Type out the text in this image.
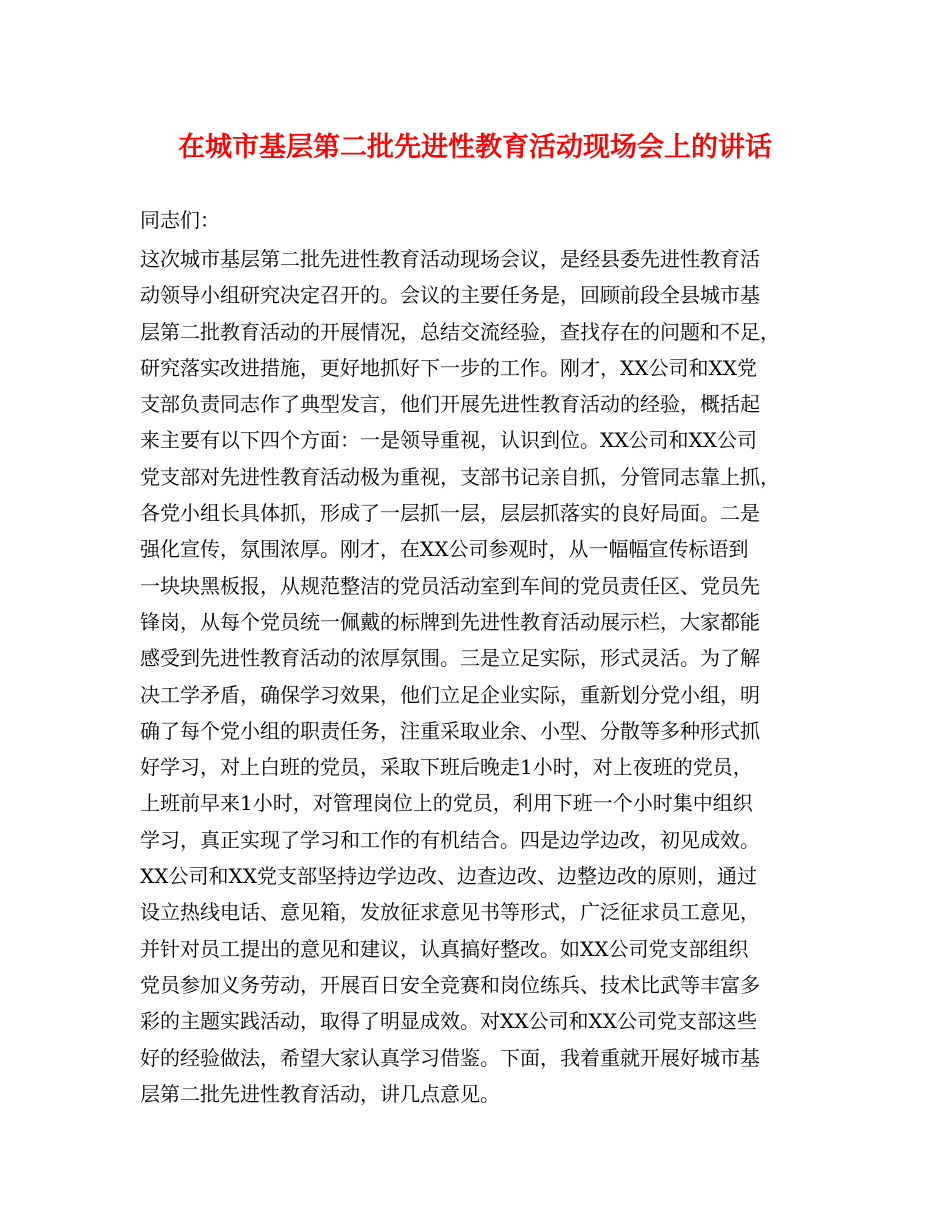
在城市基层第二批先进性教育活动现场会上的讲话

同志们：

这次城市基层第二批先进性教育活动现场会议，是经县委先进性教育活
动领导小组研究决定召开的。会议的主要任务是，回顾前段全县城市基
层第二批教育活动的开展情况，总结交流经验，查找存在的问题和不足，
研究落实改进措施，更好地抓好下一步的工作。刚才，XX公司和XX党
支部负责同志作了典型发言，他们开展先进性教育活动的经验，概括起
来主要有以下四个方面：一是领导重视，认识到位。XX公司和XX公司
党支部对先进性教育活动极为重视，支部书记亲自抓，分管同志靠上抓，
各党小组长具体抓，形成了一层抓一层，层层抓落实的良好局面。二是
强化宣传，氛围浓厚。刚才，在XX公司参观时，从一幅幅宣传标语到
一块块黑板报，从规范整洁的党员活动室到车间的党员责任区、党员先
锋岗，从每个党员统一佩戴的标牌到先进性教育活动展示栏，大家都能
感受到先进性教育活动的浓厚氛围。三是立足实际，形式灵活。为了解
决工学矛盾，确保学习效果，他们立足企业实际，重新划分党小组，明
确了每个党小组的职责任务，注重采取业余、小型、分散等多种形式抓
好学习，对上白班的党员，采取下班后晚走1小时，对上夜班的党员，
上班前早来1小时，对管理岗位上的党员，利用下班一个小时集中组织
学习，真正实现了学习和工作的有机结合。四是边学边改，初见成效。
XX公司和XX党支部坚持边学边改、边查边改、边整边改的原则，通过
设立热线电话、意见箱，发放征求意见书等形式，广泛征求员工意见，
并针对员工提出的意见和建议，认真搞好整改。如XX公司党支部组织
党员参加义务劳动，开展百日安全竞赛和岗位练兵、技术比武等丰富多
彩的主题实践活动，取得了明显成效。对XX公司和XX公司党支部这些
好的经验做法，希望大家认真学习借鉴。下面，我着重就开展好城市基
层第二批先进性教育活动，讲几点意见。
